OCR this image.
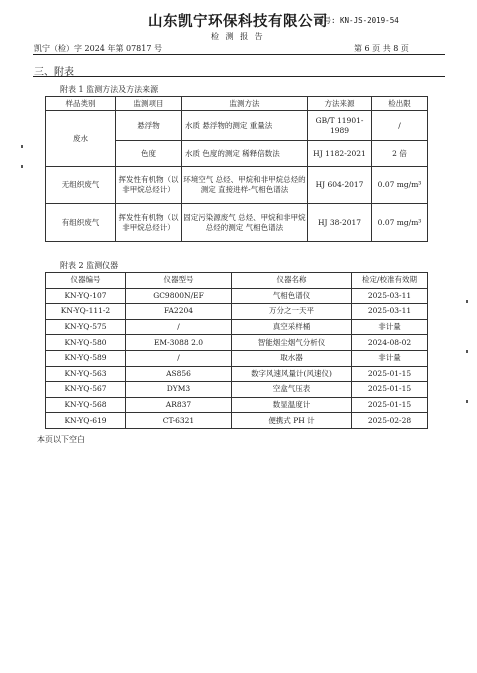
山东凯宁环保科技有限公司
编号: KN-JS-2019-54
检 测 报 告
凯宁（检）字 2024 年第 07817 号	第 6 页 共 8 页
三、附表
附表 1 监测方法及方法来源
样品类别	监测项目	监测方法	方法来源	检出限
废水	悬浮物	水质 悬浮物的测定 重量法	GB/T 11901-1989	/
	色度	水质 色度的测定 稀释倍数法	HJ 1182-2021	2 倍
无组织废气	挥发性有机物（以非甲烷总烃计）	环境空气 总烃、甲烷和非甲烷总烃的测定 直接进样-气相色谱法	HJ 604-2017	0.07 mg/m³
有组织废气	挥发性有机物（以非甲烷总烃计）	固定污染源废气 总烃、甲烷和非甲烷总烃的测定 气相色谱法	HJ 38-2017	0.07 mg/m³
附表 2 监测仪器
仪器编号	仪器型号	仪器名称	检定/校准有效期
KN-YQ-107	GC9800N/EF	气相色谱仪	2025-03-11
KN-YQ-111-2	FA2204	万分之一天平	2025-03-11
KN-YQ-575	/	真空采样桶	非计量
KN-YQ-580	EM-3088 2.0	智能烟尘烟气分析仪	2024-08-02
KN-YQ-589	/	取水器	非计量
KN-YQ-563	AS856	数字风速风量计(风速仪)	2025-01-15
KN-YQ-567	DYM3	空盒气压表	2025-01-15
KN-YQ-568	AR837	数显温度计	2025-01-15
KN-YQ-619	CT-6321	便携式 PH 计	2025-02-28
本页以下空白
